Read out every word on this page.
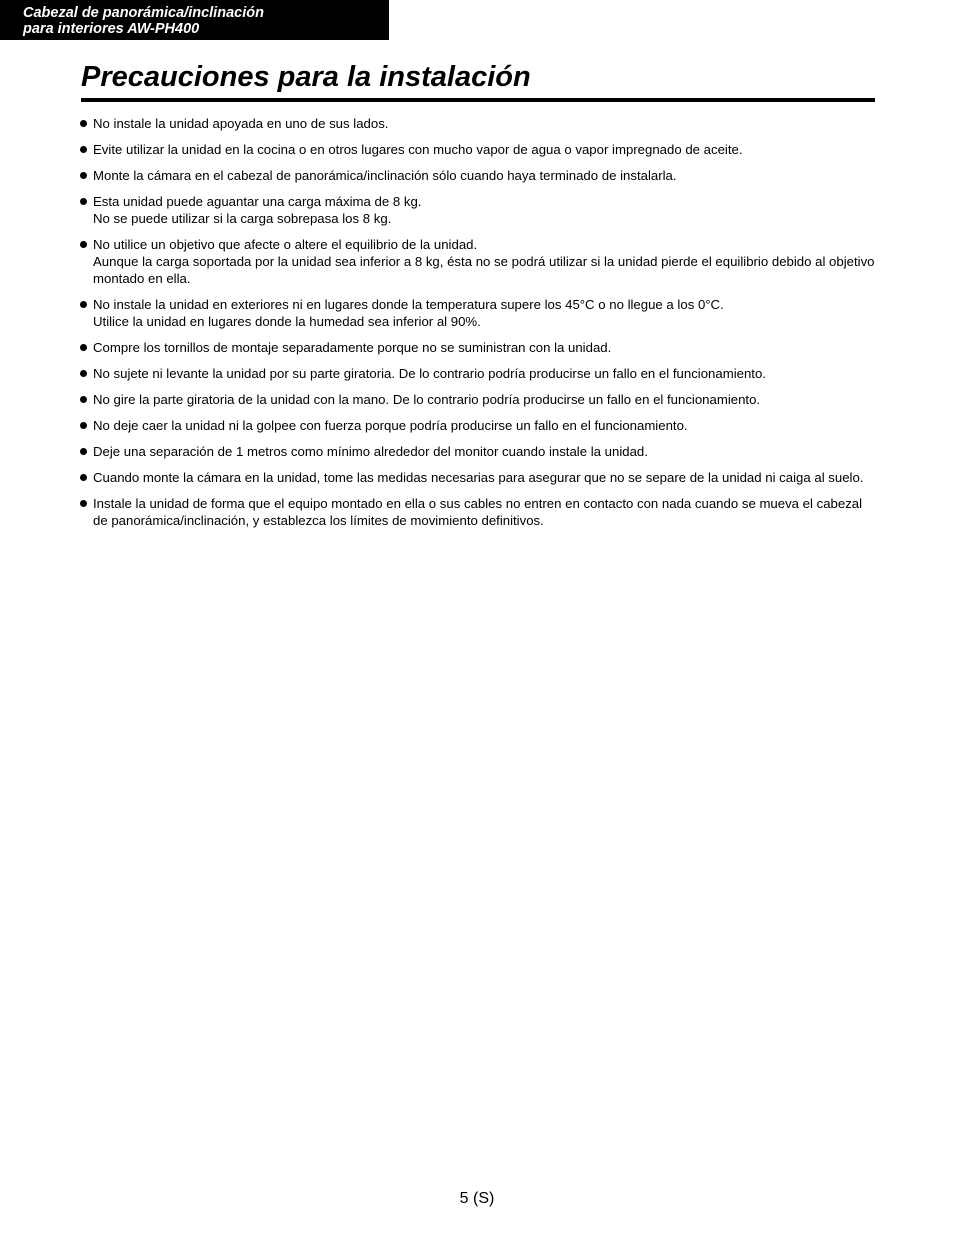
Cabezal de panorámica/inclinación
para interiores AW-PH400
Precauciones para la instalación
No instale la unidad apoyada en uno de sus lados.
Evite utilizar la unidad en la cocina o en otros lugares con mucho vapor de agua o vapor impregnado de aceite.
Monte la cámara en el cabezal de panorámica/inclinación sólo cuando haya terminado de instalarla.
Esta unidad puede aguantar una carga máxima de 8 kg.
No se puede utilizar si la carga sobrepasa los 8 kg.
No utilice un objetivo que afecte o altere el equilibrio de la unidad.
Aunque la carga soportada por la unidad sea inferior a 8 kg, ésta no se podrá utilizar si la unidad pierde el equilibrio debido al objetivo montado en ella.
No instale la unidad en exteriores ni en lugares donde la temperatura supere los 45°C o no llegue a los 0°C.
Utilice la unidad en lugares donde la humedad sea inferior al 90%.
Compre los tornillos de montaje separadamente porque no se suministran con la unidad.
No sujete ni levante la unidad por su parte giratoria. De lo contrario podría producirse un fallo en el funcionamiento.
No gire la parte giratoria de la unidad con la mano. De lo contrario podría producirse un fallo en el funcionamiento.
No deje caer la unidad ni la golpee con fuerza porque podría producirse un fallo en el funcionamiento.
Deje una separación de 1 metros como mínimo alrededor del monitor cuando instale la unidad.
Cuando monte la cámara en la unidad, tome las medidas necesarias para asegurar que no se separe de la unidad ni caiga al suelo.
Instale la unidad de forma que el equipo montado en ella o sus cables no entren en contacto con nada cuando se mueva el cabezal de panorámica/inclinación, y establezca los límites de movimiento definitivos.
5 (S)
